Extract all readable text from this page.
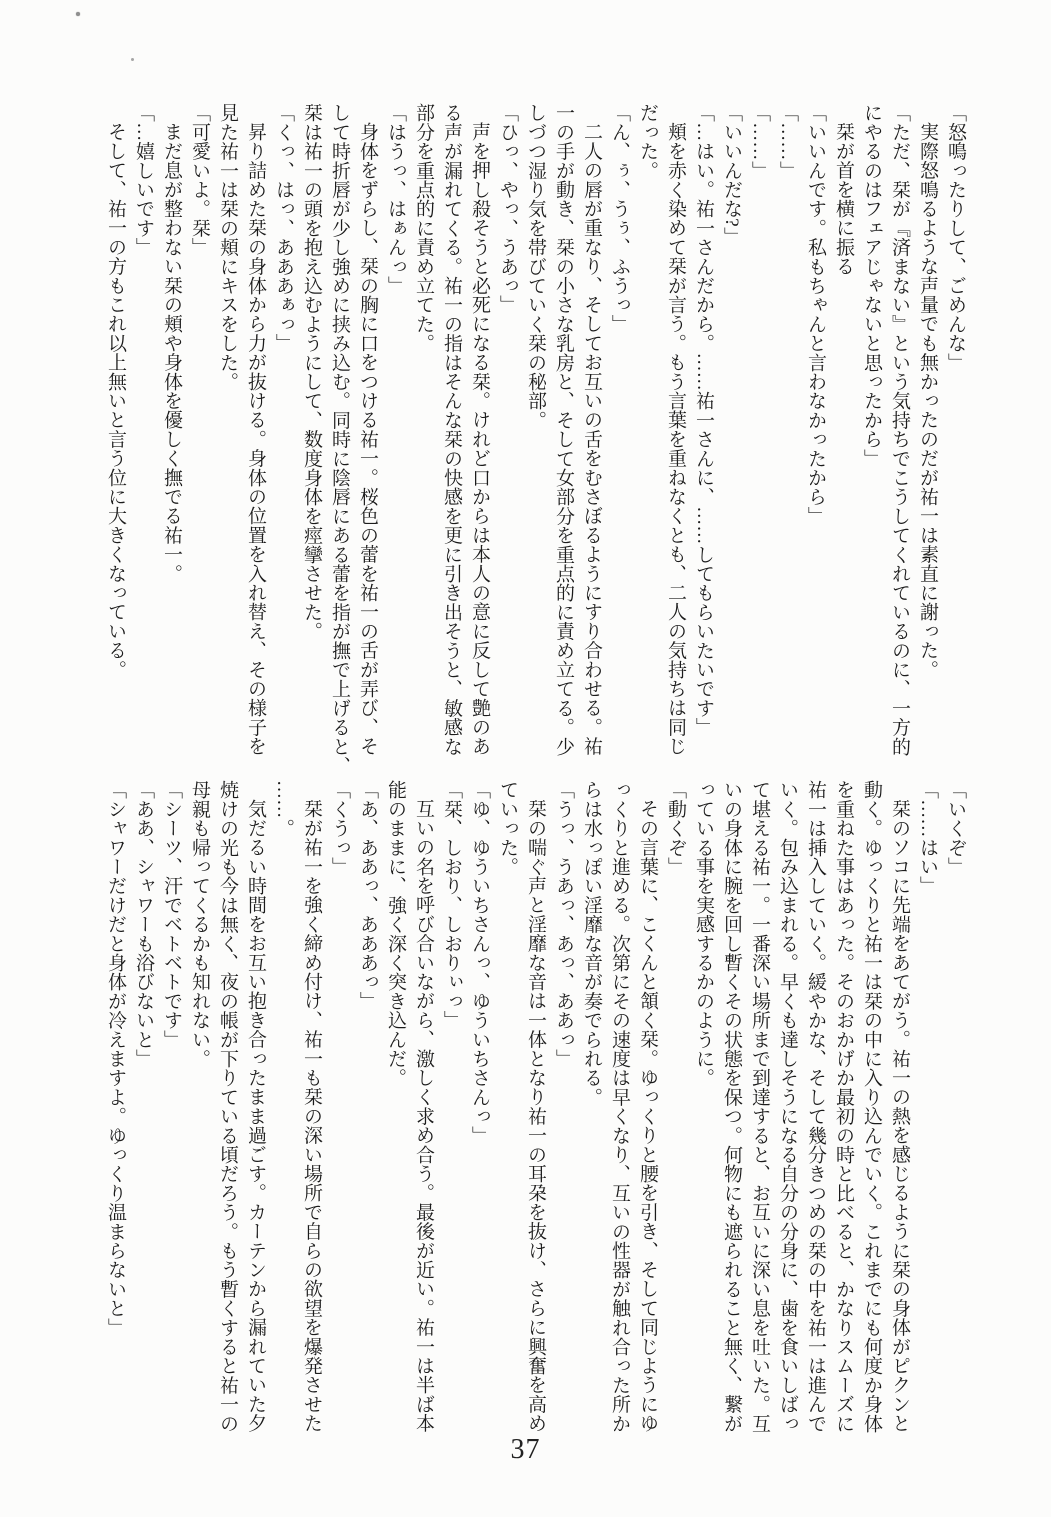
「怒鳴ったりして、ごめんな」
実際怒鳴るような声量でも無かったのだが祐一は素直に謝った。
「ただ、栞が『済まない』という気持ちでこうしてくれているのに、一方的
にやるのはフェアじゃないと思ったから」
栞が首を横に振る
「いいんです。私もちゃんと言わなかったから」
「……」
「……」
「いいんだな?」
「…はい。祐一さんだから。……祐一さんに、……してもらいたいです」
頬を赤く染めて栞が言う。もう言葉を重ねなくとも、二人の気持ちは同じ
だった。
「ん、ぅ、うぅ、ふうっ」
二人の唇が重なり、そしてお互いの舌をむさぼるようにすり合わせる。祐
一の手が動き、栞の小さな乳房と、そして女部分を重点的に責め立てる。少
しづつ湿り気を帯びていく栞の秘部。
「ひっ、やっ、うあっ」
声を押し殺そうと必死になる栞。けれど口からは本人の意に反して艶のあ
る声が漏れてくる。祐一の指はそんな栞の快感を更に引き出そうと、敏感な
部分を重点的に責め立てた。
「はうっ、はぁんっ」
身体をずらし、栞の胸に口をつける祐一。桜色の蕾を祐一の舌が弄び、そ
して時折唇が少し強めに挟み込む。同時に陰唇にある蕾を指が撫で上げると、
栞は祐一の頭を抱え込むようにして、数度身体を痙攣させた。
「くっ、はっ、あああぁっ」
昇り詰めた栞の身体から力が抜ける。身体の位置を入れ替え、その様子を
見た祐一は栞の頬にキスをした。
「可愛いよ。栞」
まだ息が整わない栞の頬や身体を優しく撫でる祐一。
「…嬉しいです」
そして、祐一の方もこれ以上無いと言う位に大きくなっている。
「いくぞ」
「……はい」
栞のソコに先端をあてがう。祐一の熱を感じるように栞の身体がピクンと
動く。ゆっくりと祐一は栞の中に入り込んでいく。これまでにも何度か身体
を重ねた事はあった。そのおかげか最初の時と比べると、かなりスムーズに
祐一は挿入していく。緩やかな、そして幾分きつめの栞の中を祐一は進んで
いく。包み込まれる。早くも達しそうになる自分の分身に、歯を食いしばっ
て堪える祐一。一番深い場所まで到達すると、お互いに深い息を吐いた。互
いの身体に腕を回し暫くその状態を保つ。何物にも遮られること無く、繋が
っている事を実感するかのように。
「動くぞ」
その言葉に、こくんと頷く栞。ゆっくりと腰を引き、そして同じようにゆ
っくりと進める。次第にその速度は早くなり、互いの性器が触れ合った所か
らは水っぽい淫靡な音が奏でられる。
「うっ、うあっ、あっ、ああっ」
栞の喘ぐ声と淫靡な音は一体となり祐一の耳朶を抜け、さらに興奮を高め
ていった。
「ゆ、ゆういちさんっ、ゆういちさんっ」
「栞、しおり、しおりぃっ」
互いの名を呼び合いながら、激しく求め合う。最後が近い。祐一は半ば本
能のままに、強く深く突き込んだ。
「あ、ああっ、あああっ」
「くうっ」
栞が祐一を強く締め付け、祐一も栞の深い場所で自らの欲望を爆発させた
……。
気だるい時間をお互い抱き合ったまま過ごす。カーテンから漏れていた夕
焼けの光も今は無く、夜の帳が下りている頃だろう。もう暫くすると祐一の
母親も帰ってくるかも知れない。
「シーツ、汗でベトベトです」
「ああ、シャワーも浴びないと」
「シャワーだけだと身体が冷えますよ。ゆっくり温まらないと」
37
